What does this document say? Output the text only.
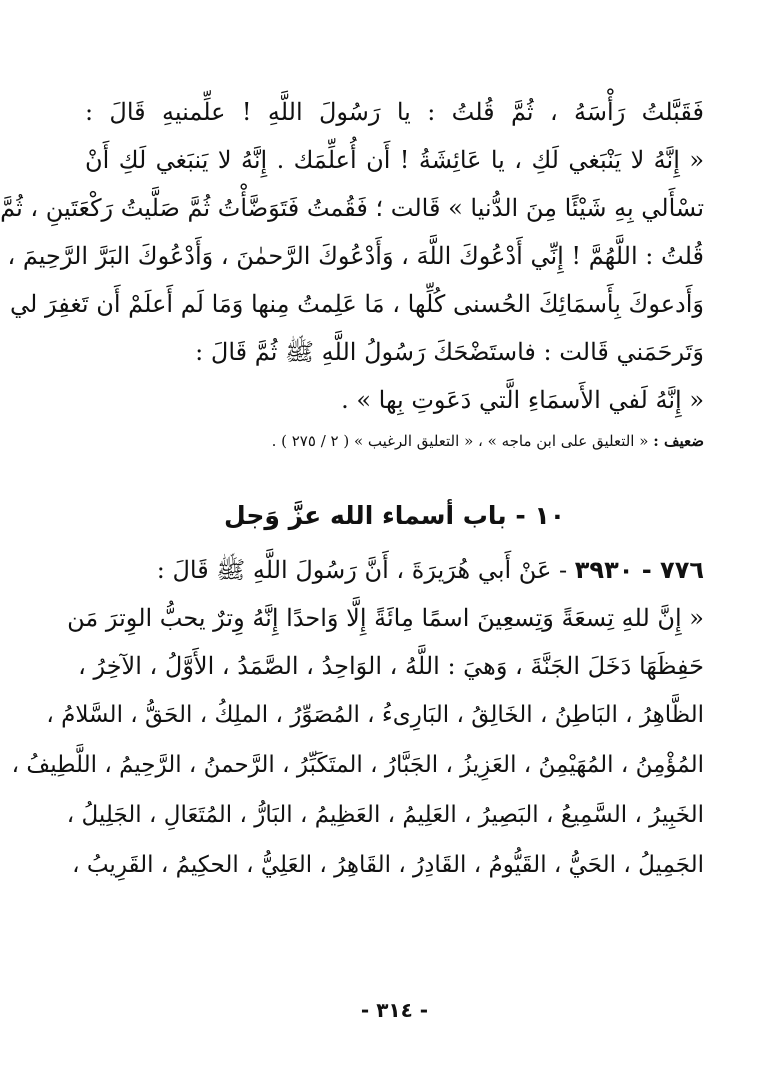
فَقَبَّلتُ رَأْسَهُ ، ثُمَّ قُلتُ : يا رَسُولَ اللَّهِ ! علِّمنيهِ قَالَ :
« إِنَّهُ لا يَنْبَغي لَكِ ، يا عَائِشَةُ ! أَن أُعلِّمَك . إِنَّهُ لا يَنبَغي لَكِ أَنْ
تسْأَلي بِهِ شَيْئًا مِنَ الدُّنيا » قَالت ؛ فَقُمتُ فَتَوَضَّأْتُ ثُمَّ صَلَّيتُ رَكْعَتَينِ ، ثُمَّ
قُلتُ : اللَّهُمَّ ! إِنِّي أَدْعُوكَ اللَّهَ ، وَأَدْعُوكَ الرَّحمٰنَ ، وَأَدْعُوكَ البَرَّ الرَّحِيمَ ،
وَأَدعوكَ بِأَسمَائِكَ الحُسنى كُلِّها ، مَا عَلِمتُ مِنها وَمَا لَم أَعلَمْ أَن تَغفِرَ لي
وَتَرحَمَني قَالت : فاستَضْحَكَ رَسُولُ اللَّهِ ﷺ ثُمَّ قَالَ :
« إِنَّهُ لَفي الأَسمَاءِ الَّتي دَعَوتِ بِها » .
ضعيف : « التعليق على ابن ماجه » ، « التعليق الرغيب » ( ٢ / ٢٧٥ ) .
١٠ - باب أسماء الله عزَّ وَجل
٧٧٦ - ٣٩٣٠ - عَنْ أَبي هُرَيرَةَ ، أَنَّ رَسُولَ اللَّهِ ﷺ قَالَ :
« إِنَّ للهِ تِسعَةً وَتِسعِينَ اسمًا مِائَةً إِلَّا وَاحدًا إِنَّهُ وِترٌ يحبُّ الوِترَ مَن
حَفِظَهَا دَخَلَ الجَنَّةَ ، وَهيَ : اللَّهُ ، الوَاحِدُ ، الصَّمَدُ ، الأَوَّلُ ، الآخِرُ ،
الظَّاهِرُ ، البَاطِنُ ، الخَالِقُ ، البَارِىءُ ، المُصَوِّرُ ، الملِكُ ، الحَقُّ ، السَّلامُ ،
المُؤْمِنُ ، المُهَيْمِنُ ، العَزِيزُ ، الجَبَّارُ ، المتَكَبِّرُ ، الرَّحمنُ ، الرَّحِيمُ ، اللَّطِيفُ ،
الخَبِيرُ ، السَّمِيعُ ، البَصِيرُ ، العَلِيمُ ، العَظِيمُ ، البَارُّ ، المُتَعَالِ ، الجَلِيلُ ،
الجَمِيلُ ، الحَيُّ ، القَيُّومُ ، القَادِرُ ، القَاهِرُ ، العَلِيُّ ، الحكِيمُ ، القَرِيبُ ،
- ٣١٤ -
